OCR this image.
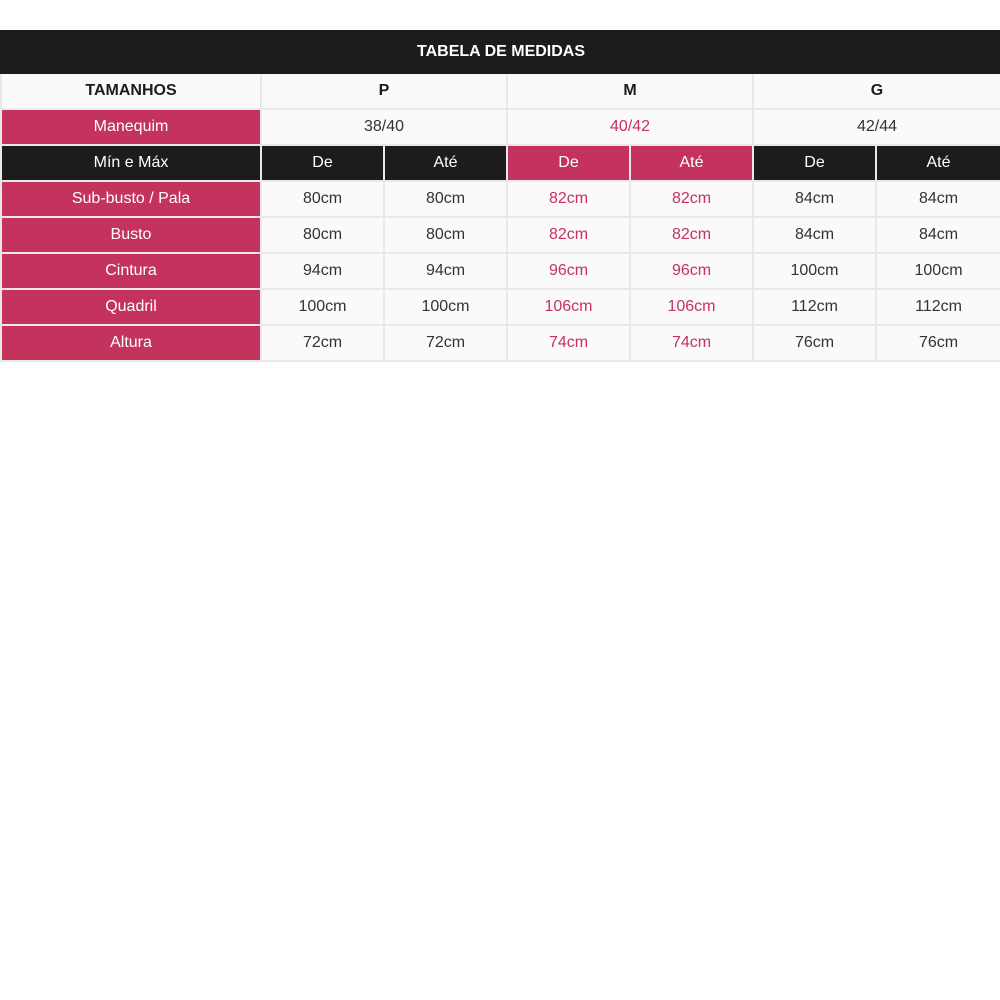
TABELA DE MEDIDAS						
TAMANHOS	P		M		G	
Manequim	38/40		40/42		42/44	
Mín e Máx	De	Até	De	Até	De	Até
Sub-busto / Pala	80cm	80cm	82cm	82cm	84cm	84cm
Busto	80cm	80cm	82cm	82cm	84cm	84cm
Cintura	94cm	94cm	96cm	96cm	100cm	100cm
Quadril	100cm	100cm	106cm	106cm	112cm	112cm
Altura	72cm	72cm	74cm	74cm	76cm	76cm
